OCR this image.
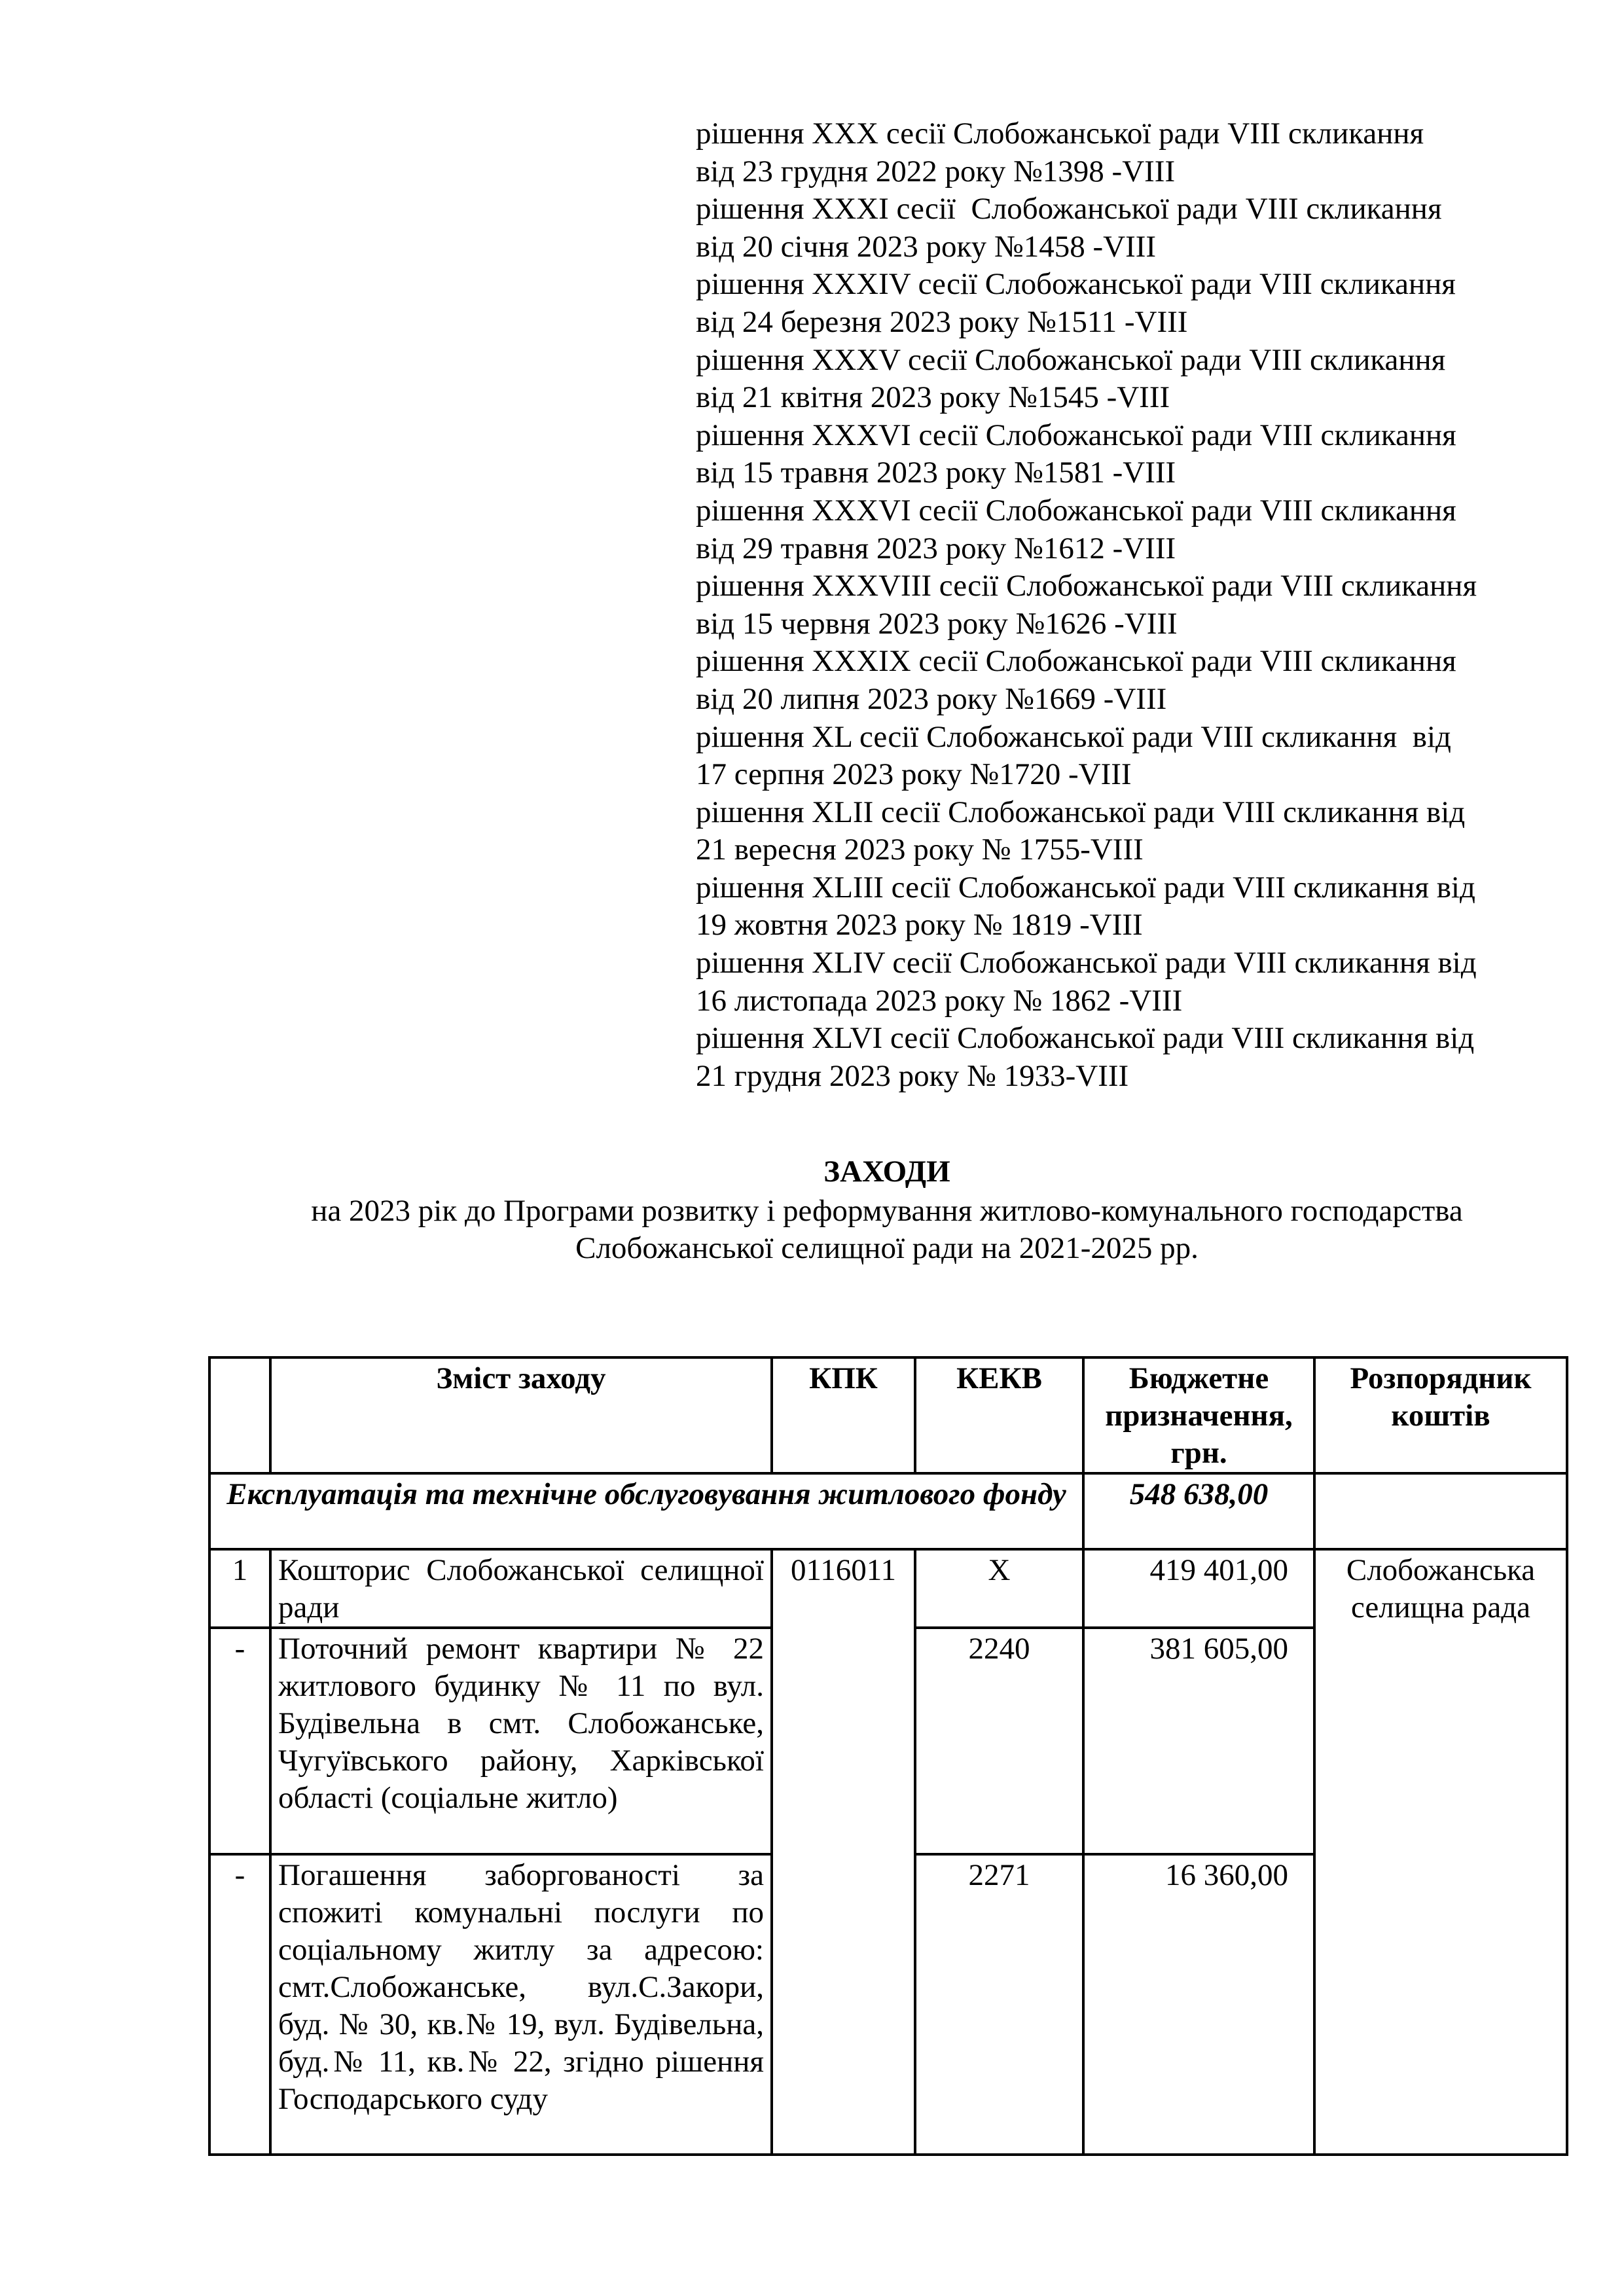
рішення XXX сесії Слобожанської ради VIII скликання
від 23 грудня 2022 року №1398 -VIII
рішення XXXI сесії  Слобожанської ради VIII скликання
від 20 січня 2023 року №1458 -VIII
рішення XXXIV сесії Слобожанської ради VIII скликання
від 24 березня 2023 року №1511 -VIII
рішення XXXV сесії Слобожанської ради VIII скликання
від 21 квітня 2023 року №1545 -VIII
рішення XXXVI сесії Слобожанської ради VIII скликання
від 15 травня 2023 року №1581 -VIII
рішення XXXVI сесії Слобожанської ради VIII скликання
від 29 травня 2023 року №1612 -VIII
рішення XXXVIII сесії Слобожанської ради VIII скликання
від 15 червня 2023 року №1626 -VIII
рішення XXXIX сесії Слобожанської ради VIII скликання
від 20 липня 2023 року №1669 -VIII
рішення XL сесії Слобожанської ради VIII скликання  від
17 серпня 2023 року №1720 -VIII
рішення XLII сесії Слобожанської ради VIII скликання від
21 вересня 2023 року № 1755-VIII
рішення XLIII сесії Слобожанської ради VIII скликання від
19 жовтня 2023 року № 1819 -VIII
рішення XLIV сесії Слобожанської ради VIII скликання від
16 листопада 2023 року № 1862 -VIII
рішення XLVI сесії Слобожанської ради VIII скликання від
21 грудня 2023 року № 1933-VIII
ЗАХОДИ
на 2023 рік до Програми розвитку і реформування житлово-комунального господарства
Слобожанської селищної ради на 2021-2025 рр.
	Зміст заходу	КПК	КЕКВ	Бюджетне призначення, грн.	Розпорядник коштів
Експлуатація та технічне обслуговування житлового фонду				548 638,00	
1	Кошторис Слобожанської селищної ради	0116011	X	419 401,00	Слобожанська селищна рада
-	Поточний ремонт квартири № 22 житлового будинку № 11 по вул. Будівельна в смт. Слобожанське, Чугуївського району, Харківської області (соціальне житло)		2240	381 605,00	
-	Погашення заборгованості за спожиті комунальні послуги по соціальному житлу за адресою: смт.Слобожанське, вул.С.Закори, буд. № 30, кв.№ 19, вул. Будівельна, буд.№ 11, кв.№ 22, згідно рішення Господарського суду		2271	16 360,00	
